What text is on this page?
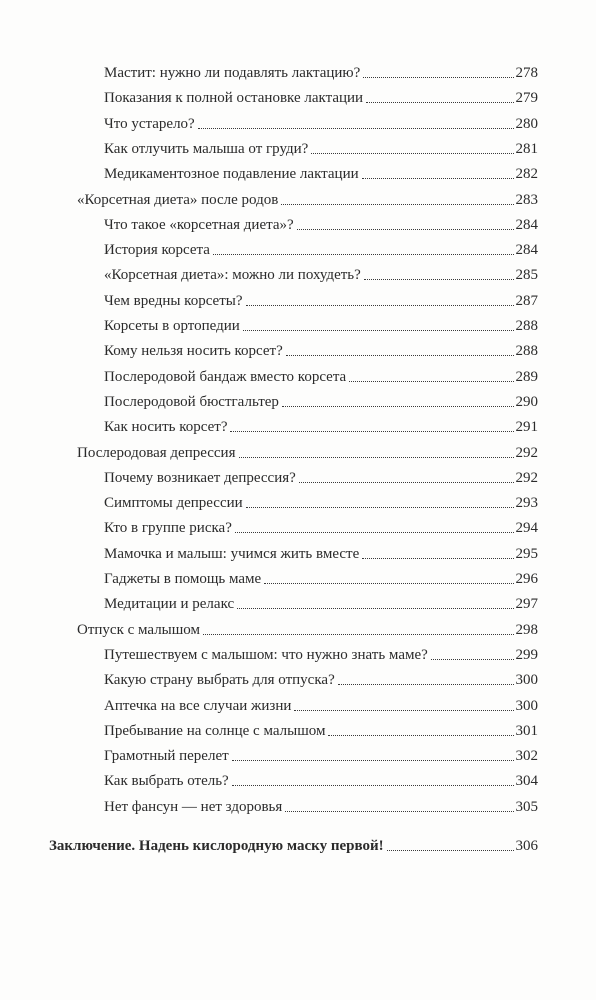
Мастит: нужно ли подавлять лактацию?	278
Показания к полной остановке лактации	279
Что устарело?	280
Как отлучить малыша от груди?	281
Медикаментозное подавление лактации	282
«Корсетная диета» после родов	283
Что такое «корсетная диета»?	284
История корсета	284
«Корсетная диета»: можно ли похудеть?	285
Чем вредны корсеты?	287
Корсеты в ортопедии	288
Кому нельзя носить корсет?	288
Послеродовой бандаж вместо корсета	289
Послеродовой бюстгальтер	290
Как носить корсет?	291
Послеродовая депрессия	292
Почему возникает депрессия?	292
Симптомы депрессии	293
Кто в группе риска?	294
Мамочка и малыш: учимся жить вместе	295
Гаджеты в помощь маме	296
Медитации и релакс	297
Отпуск с малышом	298
Путешествуем с малышом: что нужно знать маме?	299
Какую страну выбрать для отпуска?	300
Аптечка на все случаи жизни	300
Пребывание на солнце с малышом	301
Грамотный перелет	302
Как выбрать отель?	304
Нет фансун — нет здоровья	305
Заключение. Надень кислородную маску первой!	306
